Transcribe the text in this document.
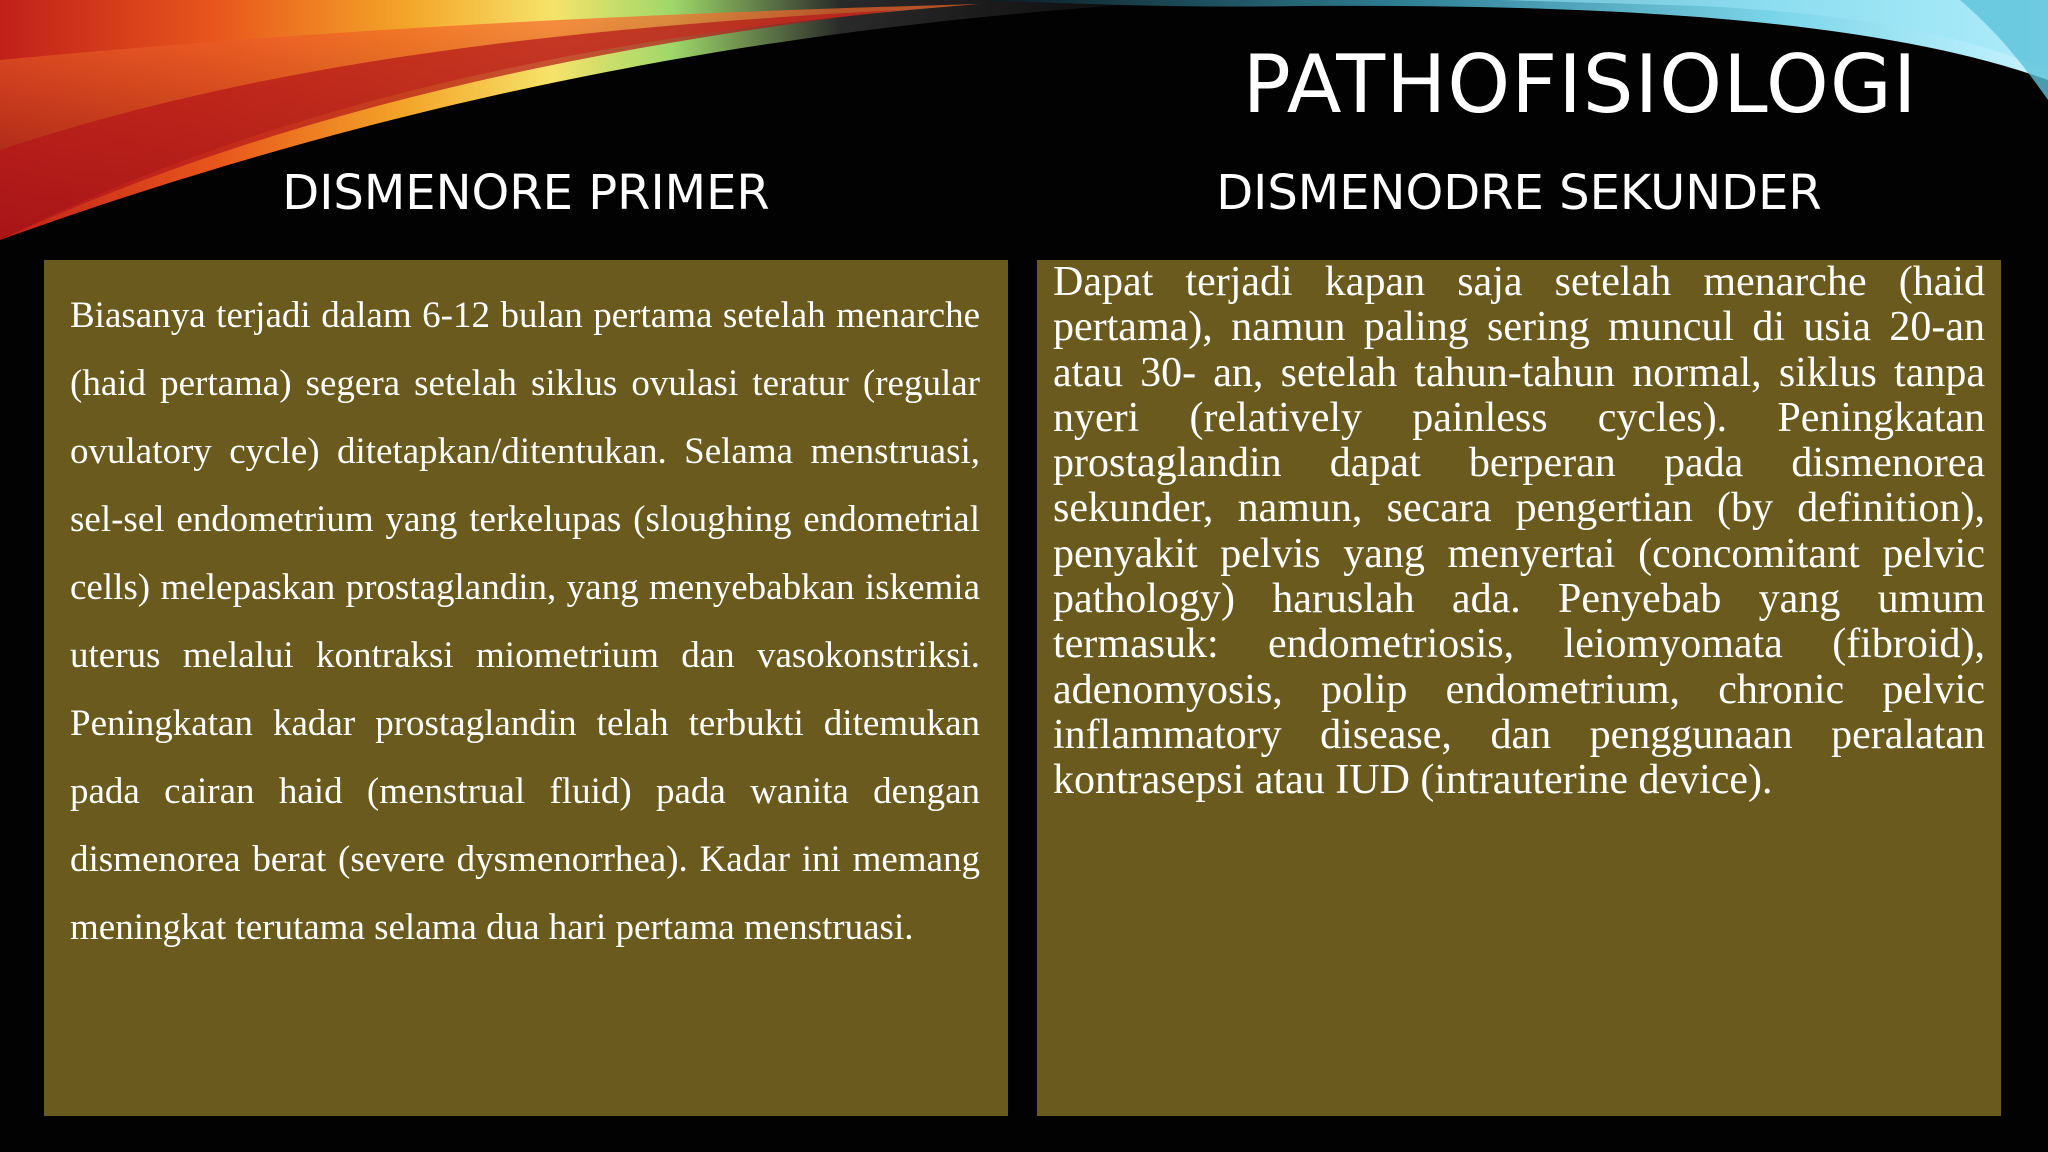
PATHOFISIOLOGI
DISMENORE PRIMER	DISMENODRE SEKUNDER

Biasanya terjadi dalam 6-12 bulan pertama setelah menarche (haid pertama) segera setelah siklus ovulasi teratur (regular ovulatory cycle) ditetapkan/ditentukan. Selama menstruasi, sel-sel endometrium yang terkelupas (sloughing endometrial cells) melepaskan prostaglandin, yang menyebabkan iskemia uterus melalui kontraksi miometrium dan vasokonstriksi. Peningkatan kadar prostaglandin telah terbukti ditemukan pada cairan haid (menstrual fluid) pada wanita dengan dismenorea berat (severe dysmenorrhea). Kadar ini memang meningkat terutama selama dua hari pertama menstruasi.

Dapat terjadi kapan saja setelah menarche (haid pertama), namun paling sering muncul di usia 20-an atau 30- an, setelah tahun-tahun normal, siklus tanpa nyeri (relatively painless cycles). Peningkatan prostaglandin dapat berperan pada dismenorea sekunder, namun, secara pengertian (by definition), penyakit pelvis yang menyertai (concomitant pelvic pathology) haruslah ada. Penyebab yang umum termasuk: endometriosis, leiomyomata (fibroid), adenomyosis, polip endometrium, chronic pelvic inflammatory disease, dan penggunaan peralatan kontrasepsi atau IUD (intrauterine device).
